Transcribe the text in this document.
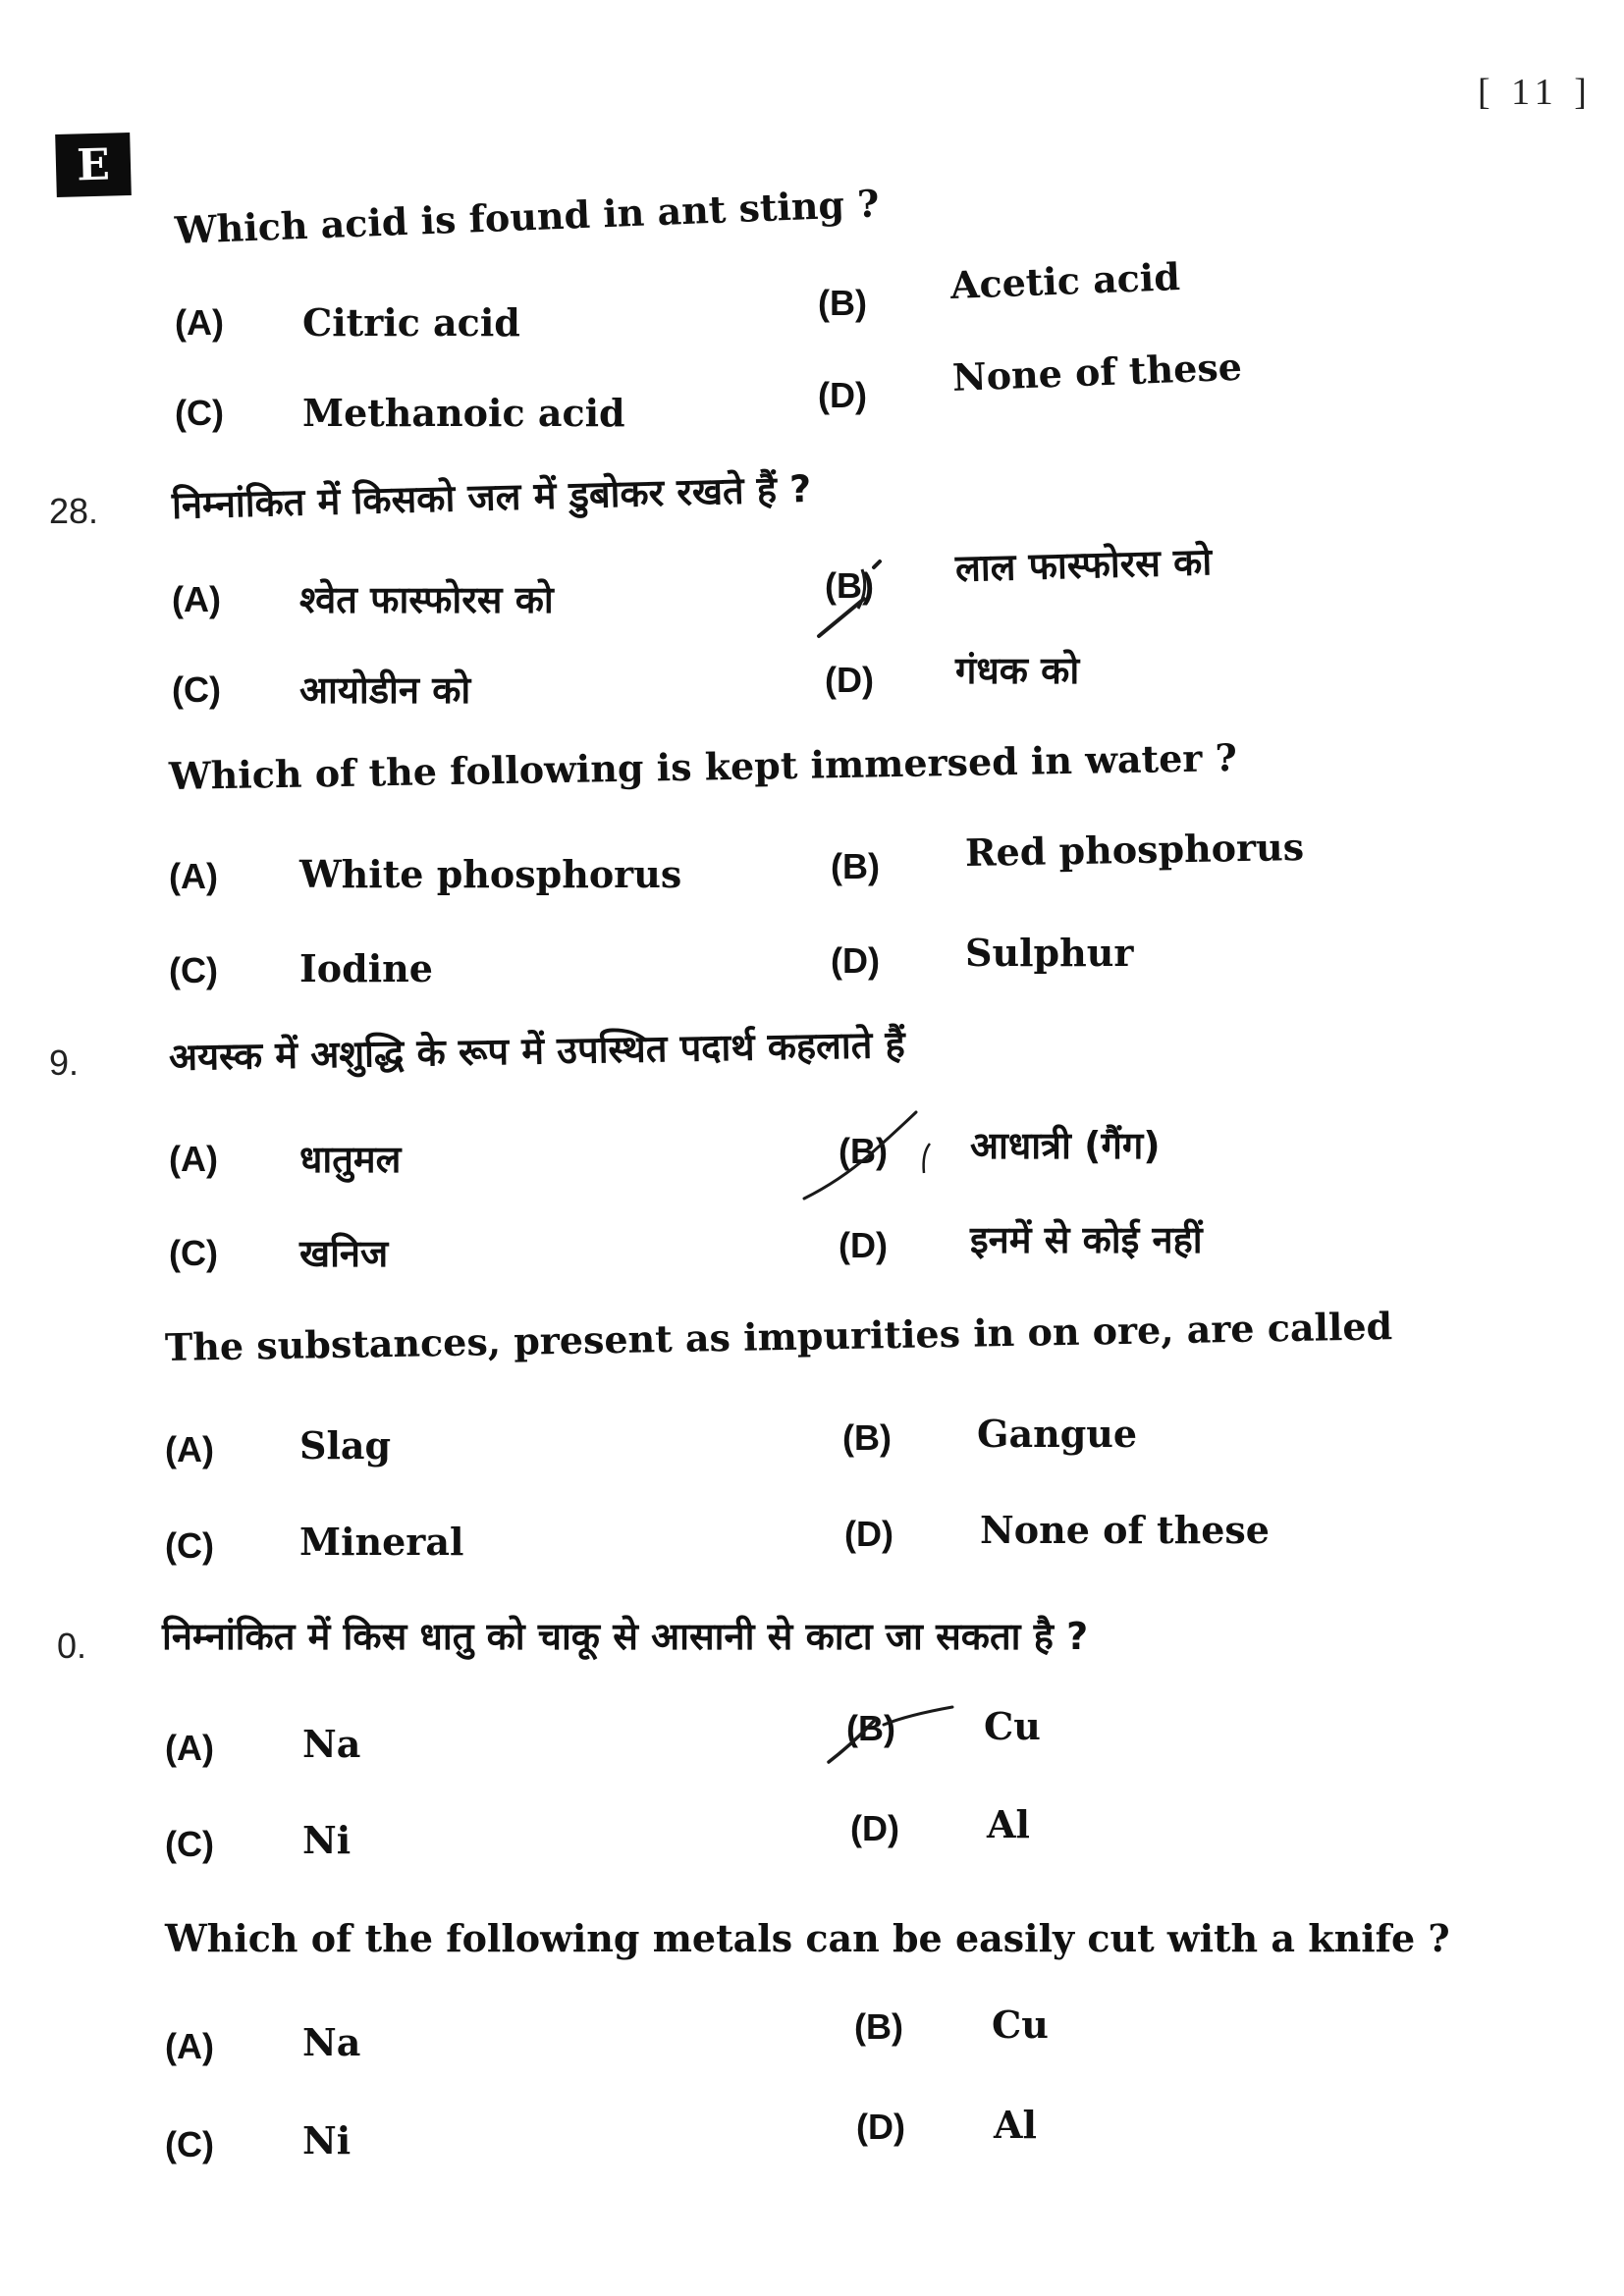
[ 11 ]
E
Which acid is found in ant sting ?
(A) Citric acid	(B) Acetic acid
(C) Methanoic acid	(D) None of these
28. निम्नांकित में किसको जल में डुबोकर रखते हैं ?
(A) श्वेत फास्फोरस को	(B) लाल फास्फोरस को
(C) आयोडीन को	(D) गंधक को
Which of the following is kept immersed in water ?
(A) White phosphorus	(B) Red phosphorus
(C) Iodine	(D) Sulphur
9. अयस्क में अशुद्धि के रूप में उपस्थित पदार्थ कहलाते हैं
(A) धातुमल	(B) आधात्री (गैंग)
(C) खनिज	(D) इनमें से कोई नहीं
The substances, present as impurities in on ore, are called
(A) Slag	(B) Gangue
(C) Mineral	(D) None of these
0. निम्नांकित में किस धातु को चाकू से आसानी से काटा जा सकता है ?
(A) Na	(B) Cu
(C) Ni	(D) Al
Which of the following metals can be easily cut with a knife ?
(A) Na	(B) Cu
(C) Ni	(D) Al
